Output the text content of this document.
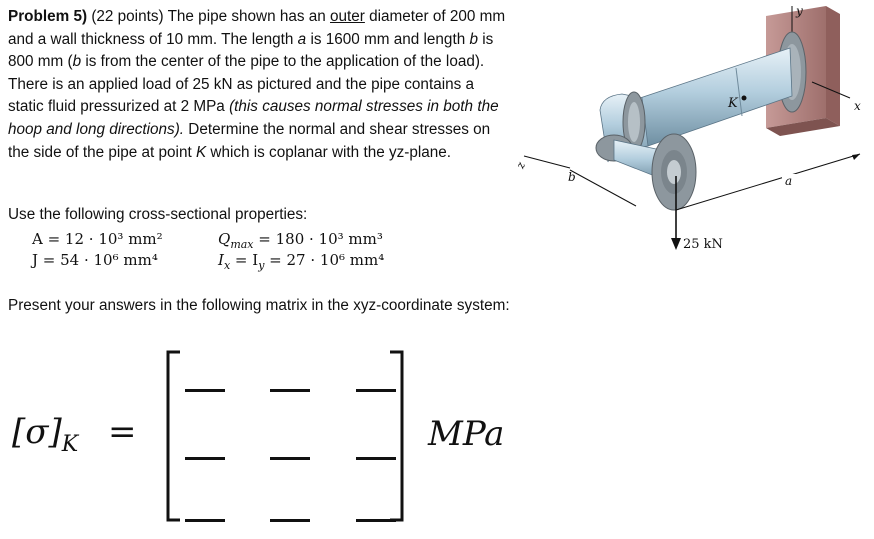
Problem 5) (22 points) The pipe shown has an outer diameter of 200 mm and a wall thickness of 10 mm. The length a is 1600 mm and length b is 800 mm (b is from the center of the pipe to the application of the load). There is an applied load of 25 kN as pictured and the pipe contains a static fluid pressurized at 2 MPa (this causes normal stresses in both the hoop and long directions). Determine the normal and shear stresses on the side of the pipe at point K which is coplanar with the yz-plane.
Use the following cross-sectional properties:
A = 12 · 10³ mm²	$Q_{max} = 180 \cdot 10^3$ mm³
J = 54 · 10⁶ mm⁴	$I_x = I_y = 27 \cdot 10^6$ mm⁴
Present your answers in the following matrix in the xyz-coordinate system:
$[\sigma]_K$ =	MPa
y
x
K
z
b	a
25 kN
